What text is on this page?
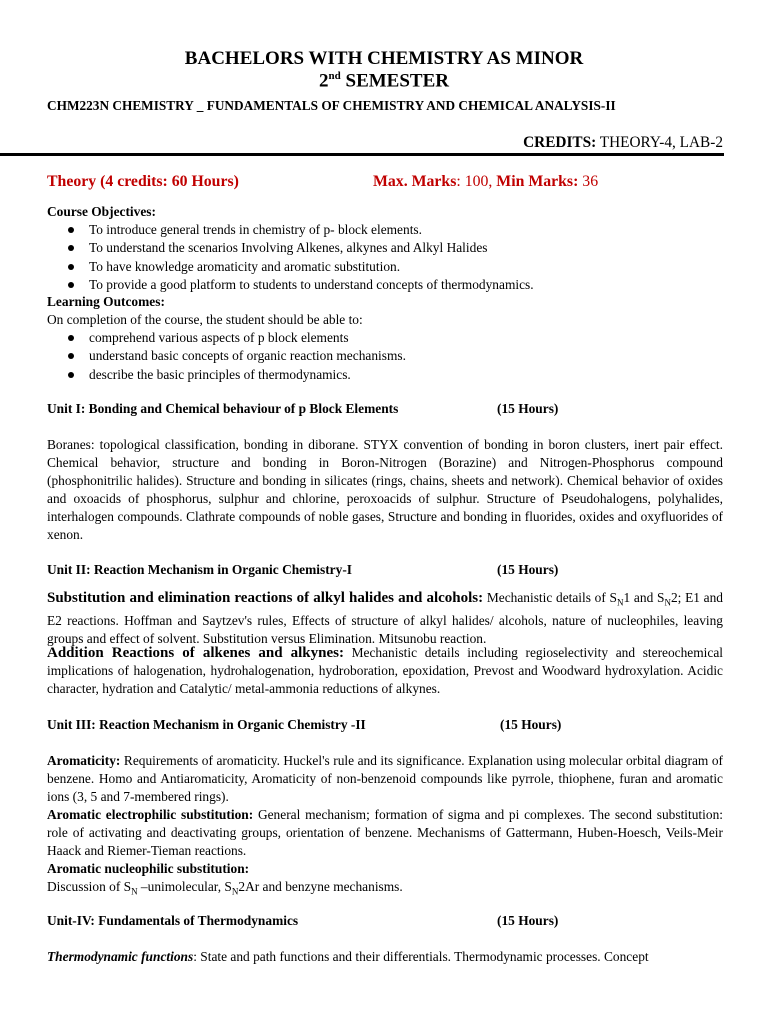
BACHELORS WITH CHEMISTRY AS MINOR
2nd SEMESTER
CHM223N CHEMISTRY _ FUNDAMENTALS OF CHEMISTRY AND CHEMICAL ANALYSIS-II
CREDITS: THEORY-4, LAB-2
Theory (4 credits: 60 Hours)	Max. Marks: 100, Min Marks: 36
Course Objectives:
To introduce general trends in chemistry of p- block elements.
To understand the scenarios Involving Alkenes, alkynes and Alkyl Halides
To have knowledge aromaticity and aromatic substitution.
To provide a good platform to students to understand concepts of thermodynamics.
Learning Outcomes:
On completion of the course, the student should be able to:
comprehend various aspects of p block elements
understand basic concepts of organic reaction mechanisms.
describe the basic principles of thermodynamics.
Unit I: Bonding and Chemical behaviour of p Block Elements	(15 Hours)
Boranes: topological classification, bonding in diborane. STYX convention of bonding in boron clusters, inert pair effect. Chemical behavior, structure and bonding in Boron-Nitrogen (Borazine) and Nitrogen-Phosphorus compound (phosphonitrilic halides). Structure and bonding in silicates (rings, chains, sheets and network). Chemical behavior of oxides and oxoacids of phosphorus, sulphur and chlorine, peroxoacids of sulphur. Structure of Pseudohalogens, polyhalides, interhalogen compounds. Clathrate compounds of noble gases, Structure and bonding in fluorides, oxides and oxyfluorides of xenon.
Unit II: Reaction Mechanism in Organic Chemistry-I	(15 Hours)
Substitution and elimination reactions of alkyl halides and alcohols: Mechanistic details of $S_N1$ and $S_N2$; E1 and E2 reactions. Hoffman and Saytzev's rules, Effects of structure of alkyl halides/ alcohols, nature of nucleophiles, leaving groups and effect of solvent. Substitution versus Elimination. Mitsunobu reaction.
Addition Reactions of alkenes and alkynes: Mechanistic details including regioselectivity and stereochemical implications of halogenation, hydrohalogenation, hydroboration, epoxidation, Prevost and Woodward hydroxylation. Acidic character, hydration and Catalytic/ metal-ammonia reductions of alkynes.
Unit III: Reaction Mechanism in Organic Chemistry -II	(15 Hours)
Aromaticity: Requirements of aromaticity. Huckel's rule and its significance. Explanation using molecular orbital diagram of benzene. Homo and Antiaromaticity, Aromaticity of non-benzenoid compounds like pyrrole, thiophene, furan and aromatic ions (3, 5 and 7-membered rings).
Aromatic electrophilic substitution: General mechanism; formation of sigma and pi complexes. The second substitution: role of activating and deactivating groups, orientation of benzene. Mechanisms of Gattermann, Huben-Hoesch, Veils-Meir Haack and Riemer-Tieman reactions.
Aromatic nucleophilic substitution:
Discussion of $S_N$ –unimolecular, $S_N2Ar$ and benzyne mechanisms.
Unit-IV: Fundamentals of Thermodynamics	(15 Hours)
Thermodynamic functions: State and path functions and their differentials. Thermodynamic processes. Concept
